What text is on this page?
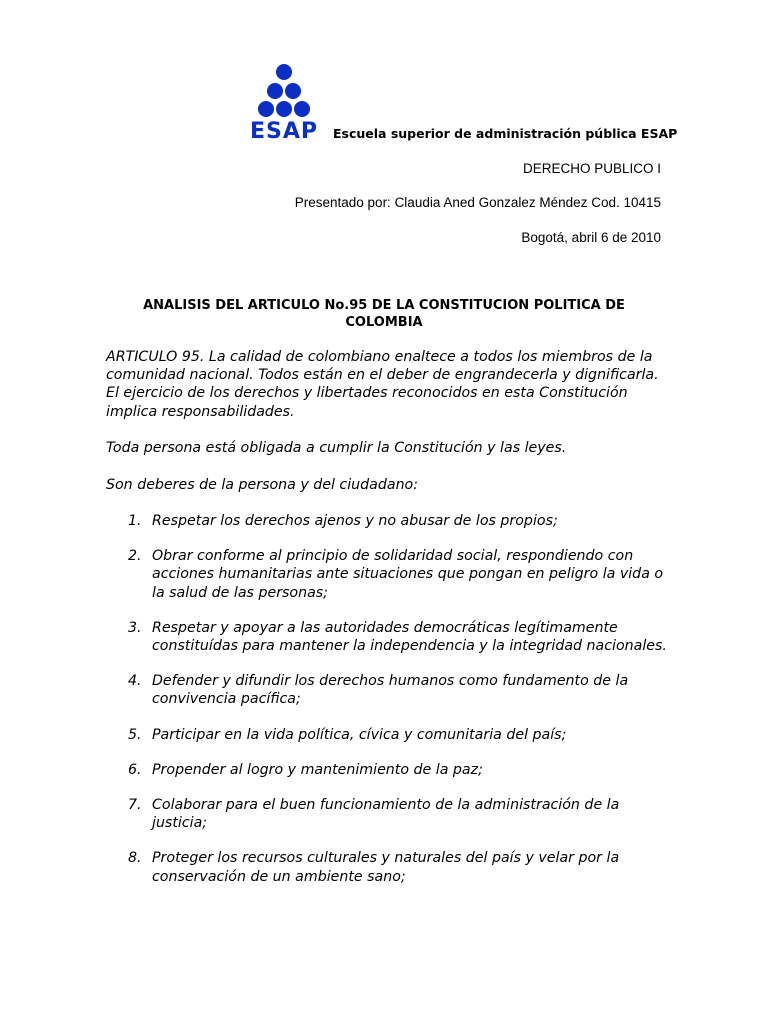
ESAP Escuela superior de administración pública ESAP
DERECHO PUBLICO I
Presentado por: Claudia Aned Gonzalez Méndez Cod. 10415
Bogotá, abril 6 de 2010
ANALISIS DEL ARTICULO No.95 DE LA CONSTITUCION POLITICA DE COLOMBIA
ARTICULO 95. La calidad de colombiano enaltece a todos los miembros de la comunidad nacional. Todos están en el deber de engrandecerla y dignificarla. El ejercicio de los derechos y libertades reconocidos en esta Constitución implica responsabilidades.
Toda persona está obligada a cumplir la Constitución y las leyes.
Son deberes de la persona y del ciudadano:
1. Respetar los derechos ajenos y no abusar de los propios;
2. Obrar conforme al principio de solidaridad social, respondiendo con acciones humanitarias ante situaciones que pongan en peligro la vida o la salud de las personas;
3. Respetar y apoyar a las autoridades democráticas legítimamente constituídas para mantener la independencia y la integridad nacionales.
4. Defender y difundir los derechos humanos como fundamento de la convivencia pacífica;
5. Participar en la vida política, cívica y comunitaria del país;
6. Propender al logro y mantenimiento de la paz;
7. Colaborar para el buen funcionamiento de la administración de la justicia;
8. Proteger los recursos culturales y naturales del país y velar por la conservación de un ambiente sano;
